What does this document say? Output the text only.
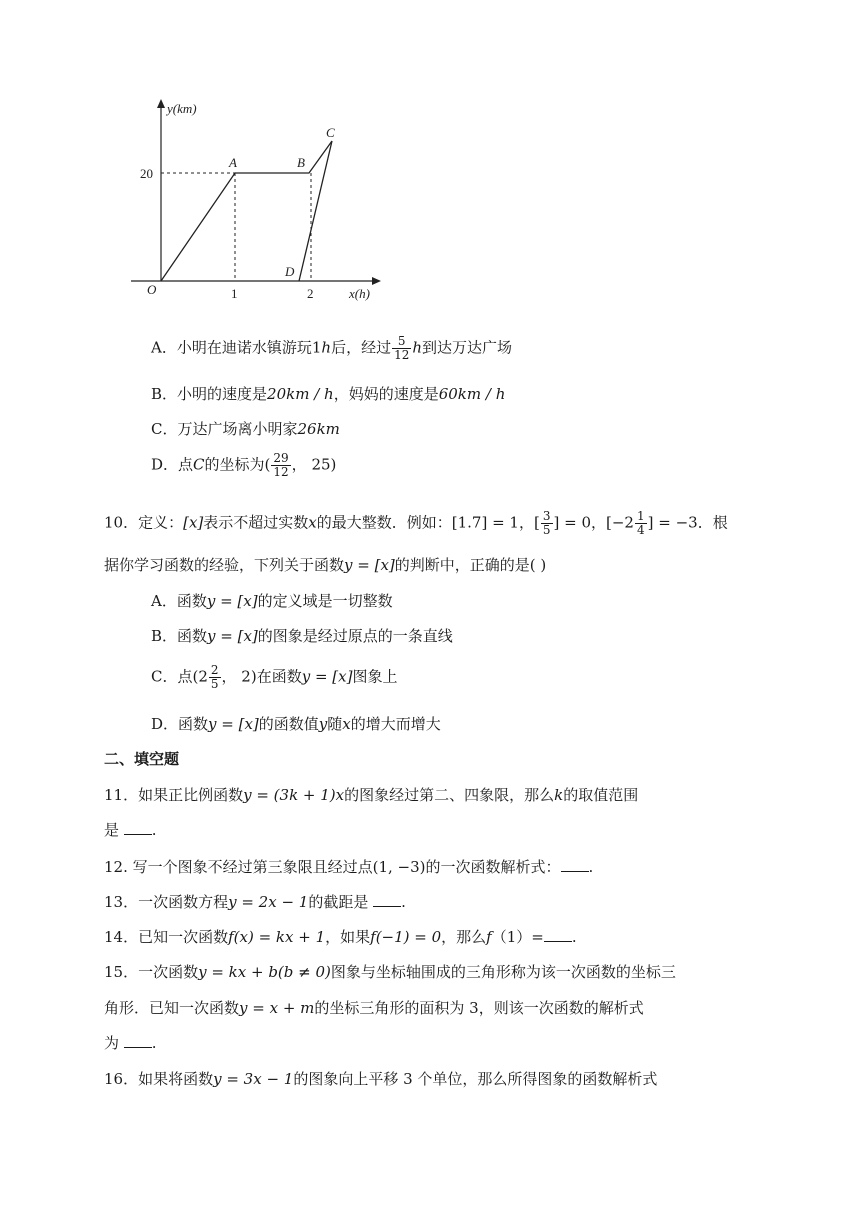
y(km)
x(h)
O
20
1	2
A	B
C
D
A．小明在迪诺水镇游玩1h后，经过 $\frac{5}{12}$ h到达万达广场
B．小明的速度是20km / h，妈妈的速度是60km / h
C．万达广场离小明家26km
D．点C的坐标为( $\frac{29}{12}$ ， 25)
10．定义：[x]表示不超过实数x的最大整数．例如：[1.7] = 1，[ $\frac{3}{5}$ ] = 0，[$-2 \frac{1}{4}$ ] = −3．根
据你学习函数的经验，下列关于函数y = [x]的判断中，正确的是( )
A．函数y = [x]的定义域是一切整数
B．函数y = [x]的图象是经过原点的一条直线
C．点($2 \frac{2}{5}$ ， 2)在函数y = [x]图象上
D．函数y = [x]的函数值y随x的增大而增大
二、填空题
11．如果正比例函数y = (3k + 1)x的图象经过第二、四象限，那么k的取值范围
是 .
12. 写一个图象不经过第三象限且经过点(1, −3)的一次函数解析式： .
13．一次函数方程y = 2x − 1的截距是 .
14．已知一次函数f(x) = kx + 1，如果f(−1) = 0，那么f（1）= .
15．一次函数y = kx + b(b ≠ 0)图象与坐标轴围成的三角形称为该一次函数的坐标三
角形．已知一次函数y = x + m的坐标三角形的面积为 3，则该一次函数的解析式
为 .
16．如果将函数y = 3x − 1的图象向上平移 3 个单位，那么所得图象的函数解析式
